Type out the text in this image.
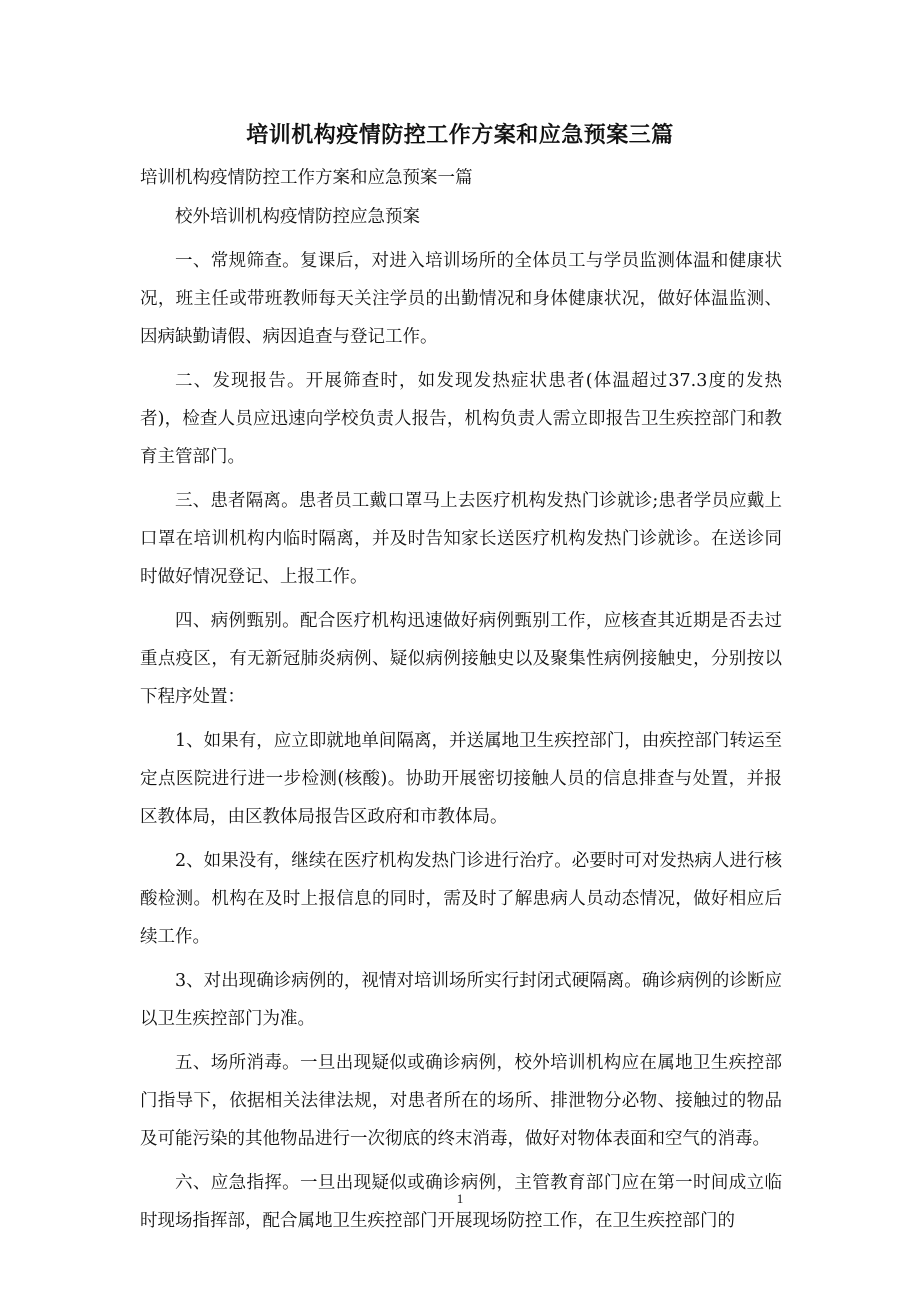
培训机构疫情防控工作方案和应急预案三篇
培训机构疫情防控工作方案和应急预案一篇

校外培训机构疫情防控应急预案

一、常规筛查。复课后，对进入培训场所的全体员工与学员监测体温和健康状况，班主任或带班教师每天关注学员的出勤情况和身体健康状况，做好体温监测、因病缺勤请假、病因追查与登记工作。

二、发现报告。开展筛查时，如发现发热症状患者(体温超过37.3度的发热者)，检查人员应迅速向学校负责人报告，机构负责人需立即报告卫生疾控部门和教育主管部门。

三、患者隔离。患者员工戴口罩马上去医疗机构发热门诊就诊;患者学员应戴上口罩在培训机构内临时隔离，并及时告知家长送医疗机构发热门诊就诊。在送诊同时做好情况登记、上报工作。

四、病例甄别。配合医疗机构迅速做好病例甄别工作，应核查其近期是否去过重点疫区，有无新冠肺炎病例、疑似病例接触史以及聚集性病例接触史，分别按以下程序处置：

1、如果有，应立即就地单间隔离，并送属地卫生疾控部门，由疾控部门转运至定点医院进行进一步检测(核酸)。协助开展密切接触人员的信息排查与处置，并报区教体局，由区教体局报告区政府和市教体局。

2、如果没有，继续在医疗机构发热门诊进行治疗。必要时可对发热病人进行核酸检测。机构在及时上报信息的同时，需及时了解患病人员动态情况，做好相应后续工作。

3、对出现确诊病例的，视情对培训场所实行封闭式硬隔离。确诊病例的诊断应以卫生疾控部门为准。

五、场所消毒。一旦出现疑似或确诊病例，校外培训机构应在属地卫生疾控部门指导下，依据相关法律法规，对患者所在的场所、排泄物分必物、接触过的物品及可能污染的其他物品进行一次彻底的终末消毒，做好对物体表面和空气的消毒。

六、应急指挥。一旦出现疑似或确诊病例，主管教育部门应在第一时间成立临时现场指挥部，配合属地卫生疾控部门开展现场防控工作，在卫生疾控部门的

1
